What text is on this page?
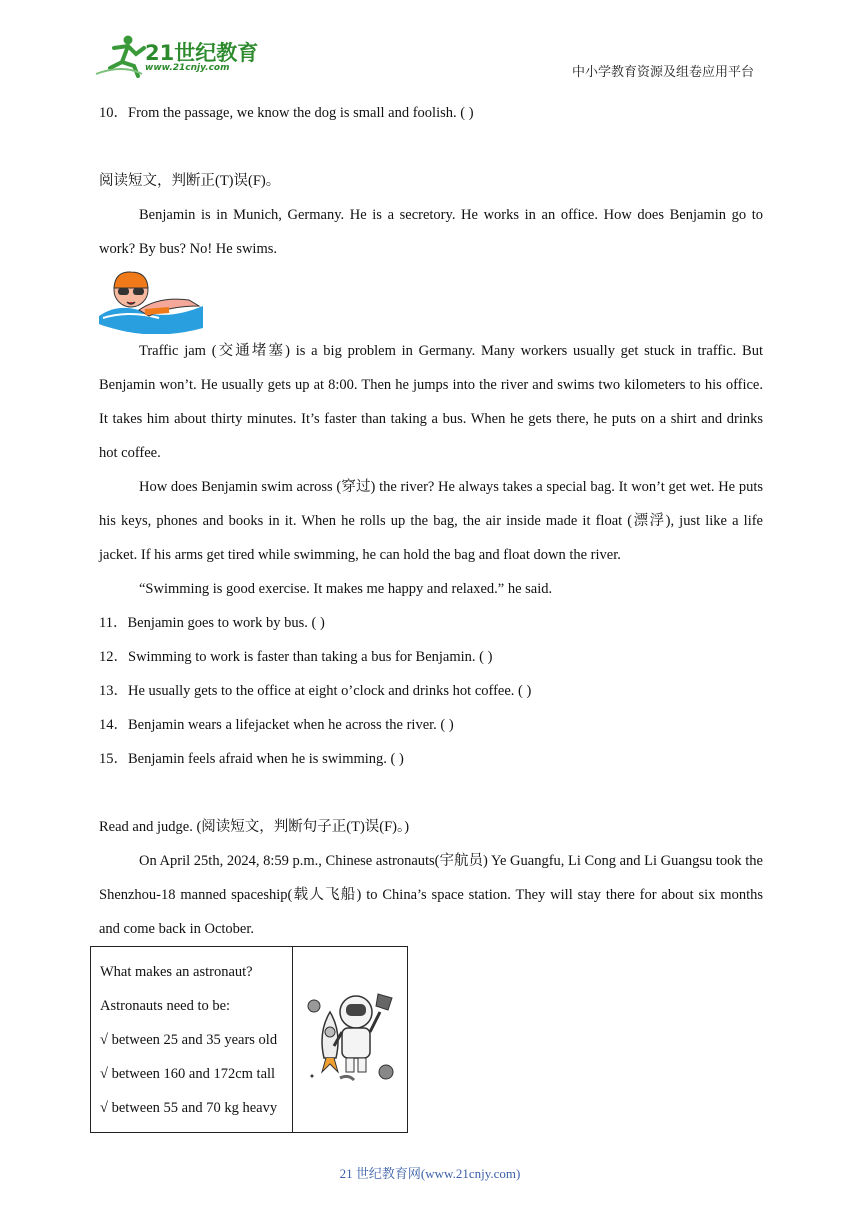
21世纪教育
www.21cnjy.com	中小学教育资源及组卷应用平台

10．From the passage, we know the dog is small and foolish. ( )

阅读短文，判断正(T)误(F)。

Benjamin is in Munich, Germany. He is a secretory. He works in an office. How does Benjamin go to work? By bus? No! He swims.

Traffic jam (交通堵塞) is a big problem in Germany. Many workers usually get stuck in traffic. But Benjamin won’t. He usually gets up at 8:00. Then he jumps into the river and swims two kilometers to his office. It takes him about thirty minutes. It’s faster than taking a bus. When he gets there, he puts on a shirt and drinks hot coffee.

How does Benjamin swim across (穿过) the river? He always takes a special bag. It won’t get wet. He puts his keys, phones and books in it. When he rolls up the bag, the air inside made it float (漂浮), just like a life jacket. If his arms get tired while swimming, he can hold the bag and float down the river.

“Swimming is good exercise. It makes me happy and relaxed.” he said.

11．Benjamin goes to work by bus. ( )

12．Swimming to work is faster than taking a bus for Benjamin. ( )

13．He usually gets to the office at eight o’clock and drinks hot coffee. ( )

14．Benjamin wears a lifejacket when he across the river. ( )

15．Benjamin feels afraid when he is swimming. ( )

Read and judge. (阅读短文，判断句子正(T)误(F)。)

On April 25th, 2024, 8:59 p.m., Chinese astronauts(宇航员) Ye Guangfu, Li Cong and Li Guangsu took the Shenzhou-18 manned spaceship(载人飞船) to China’s space station. They will stay there for about six months and come back in October.

What makes an astronaut?
Astronauts need to be:
√ between 25 and 35 years old
√ between 160 and 172cm tall
√ between 55 and 70 kg heavy

21 世纪教育网(www.21cnjy.com)
